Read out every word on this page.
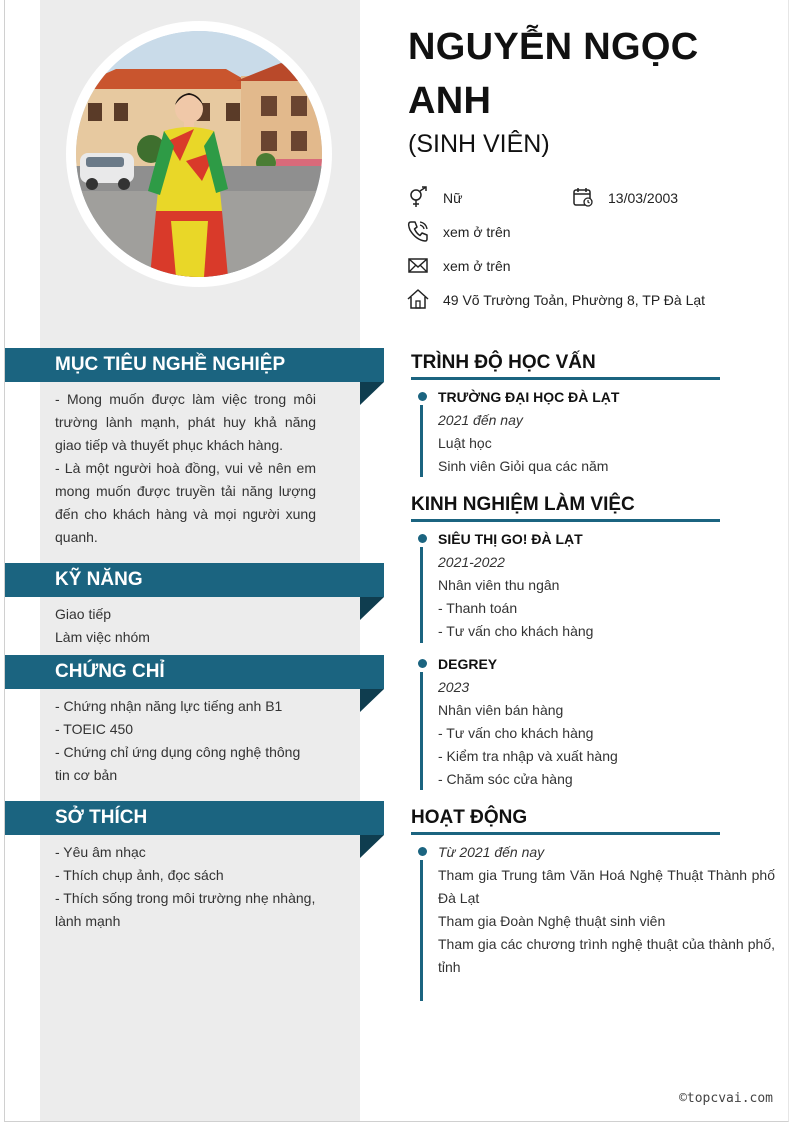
NGUYỄN NGỌC
ANH
(SINH VIÊN)
Nữ	13/03/2003
xem ở trên
xem ở trên
49 Võ Trường Toản, Phường 8, TP Đà Lạt
MỤC TIÊU NGHỀ NGHIỆP

- Mong muốn được làm việc trong môi trường lành mạnh, phát huy khả năng giao tiếp và thuyết phục khách hàng.

- Là một người hoà đồng, vui vẻ nên em mong muốn được truyền tải năng lượng đến cho khách hàng và mọi người xung quanh.

KỸ NĂNG

Giao tiếp

Làm việc nhóm

CHỨNG CHỈ

- Chứng nhận năng lực tiếng anh B1

- TOEIC 450

- Chứng chỉ ứng dụng công nghệ thông tin cơ bản

SỞ THÍCH

- Yêu âm nhạc

- Thích chụp ảnh, đọc sách

- Thích sống trong môi trường nhẹ nhàng, lành mạnh

TRÌNH ĐỘ HỌC VẤN
TRƯỜNG ĐẠI HỌC ĐÀ LẠT
2021 đến nay
Luật học
Sinh viên Giỏi qua các năm
KINH NGHIỆM LÀM VIỆC
SIÊU THỊ GO! ĐÀ LẠT
2021-2022
Nhân viên thu ngân
- Thanh toán
- Tư vấn cho khách hàng
DEGREY
2023
Nhân viên bán hàng
- Tư vấn cho khách hàng
- Kiểm tra nhập và xuất hàng
- Chăm sóc cửa hàng
HOẠT ĐỘNG
Từ 2021 đến nay
Tham gia Trung tâm Văn Hoá Nghệ Thuật Thành phố Đà Lạt
Tham gia Đoàn Nghệ thuật sinh viên
Tham gia các chương trình nghệ thuật của thành phố, tỉnh
©topcvai.com
